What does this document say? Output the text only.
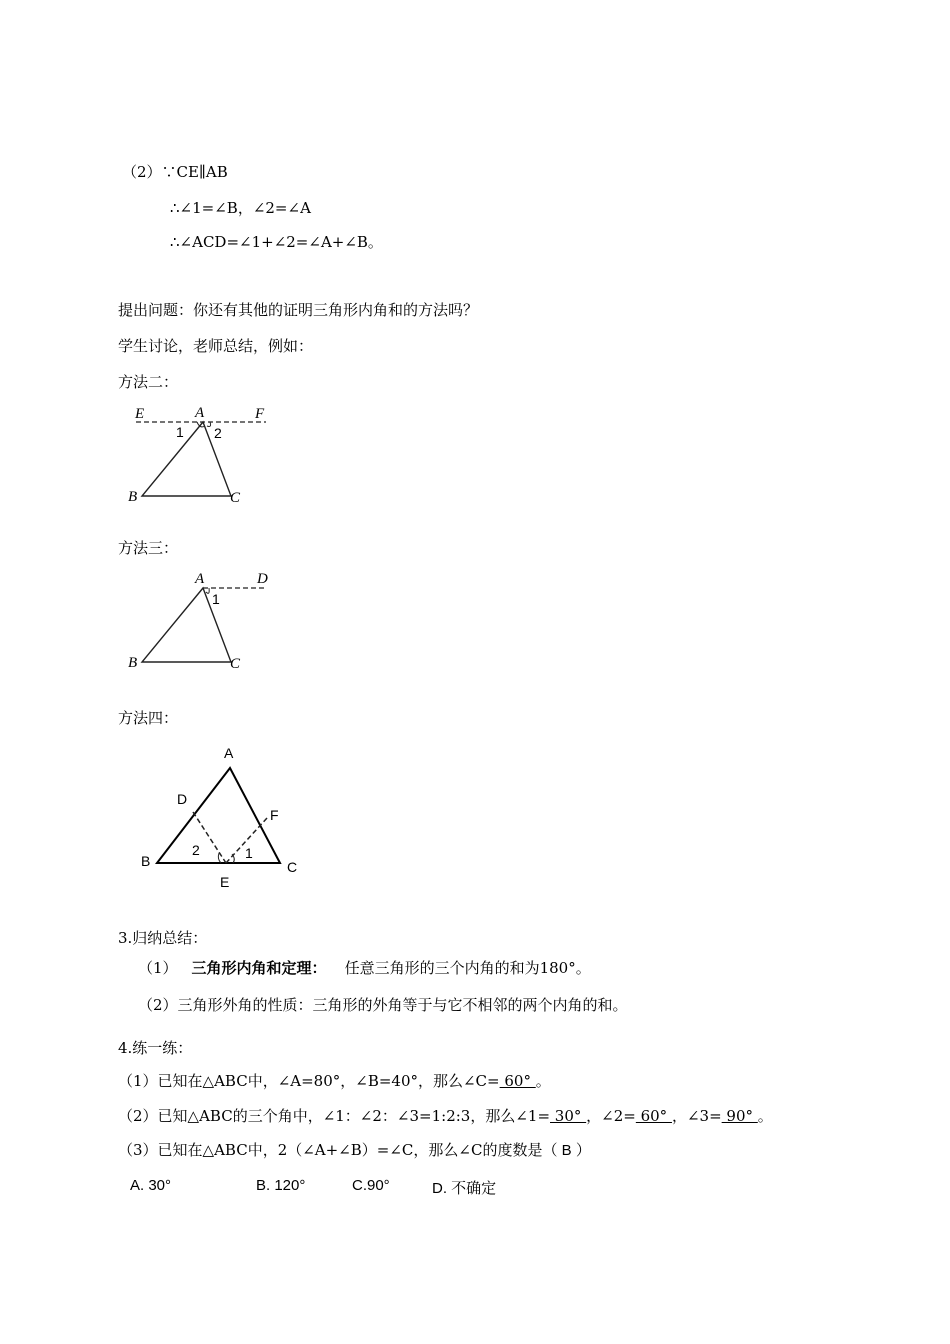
（2）∵CE∥AB
∴∠1=∠B，∠2=∠A
∴∠ACD=∠1+∠2=∠A+∠B。
提出问题：你还有其他的证明三角形内角和的方法吗？
学生讨论，老师总结，例如：
方法二：
E	A	F
1 2
B	C
方法三：
A	D
1
B	C
方法四：
A
D
F
2	1
B	C
E
3.归纳总结：
（1） 三角形内角和定理： 任意三角形的三个内角的和为180°。
（2）三角形外角的性质：三角形的外角等于与它不相邻的两个内角的和。
4.练一练：
（1）已知在△ABC中，∠A=80°，∠B=40°，那么∠C= 60° 。
（2）已知△ABC的三个角中，∠1：∠2：∠3=1:2:3，那么∠1= 30° ，∠2= 60° ，∠3= 90° 。
（3）已知在△ABC中，2（∠A+∠B）=∠C，那么∠C的度数是（ B ）
A. 30°	B. 120°	C.90°	D. 不确定
